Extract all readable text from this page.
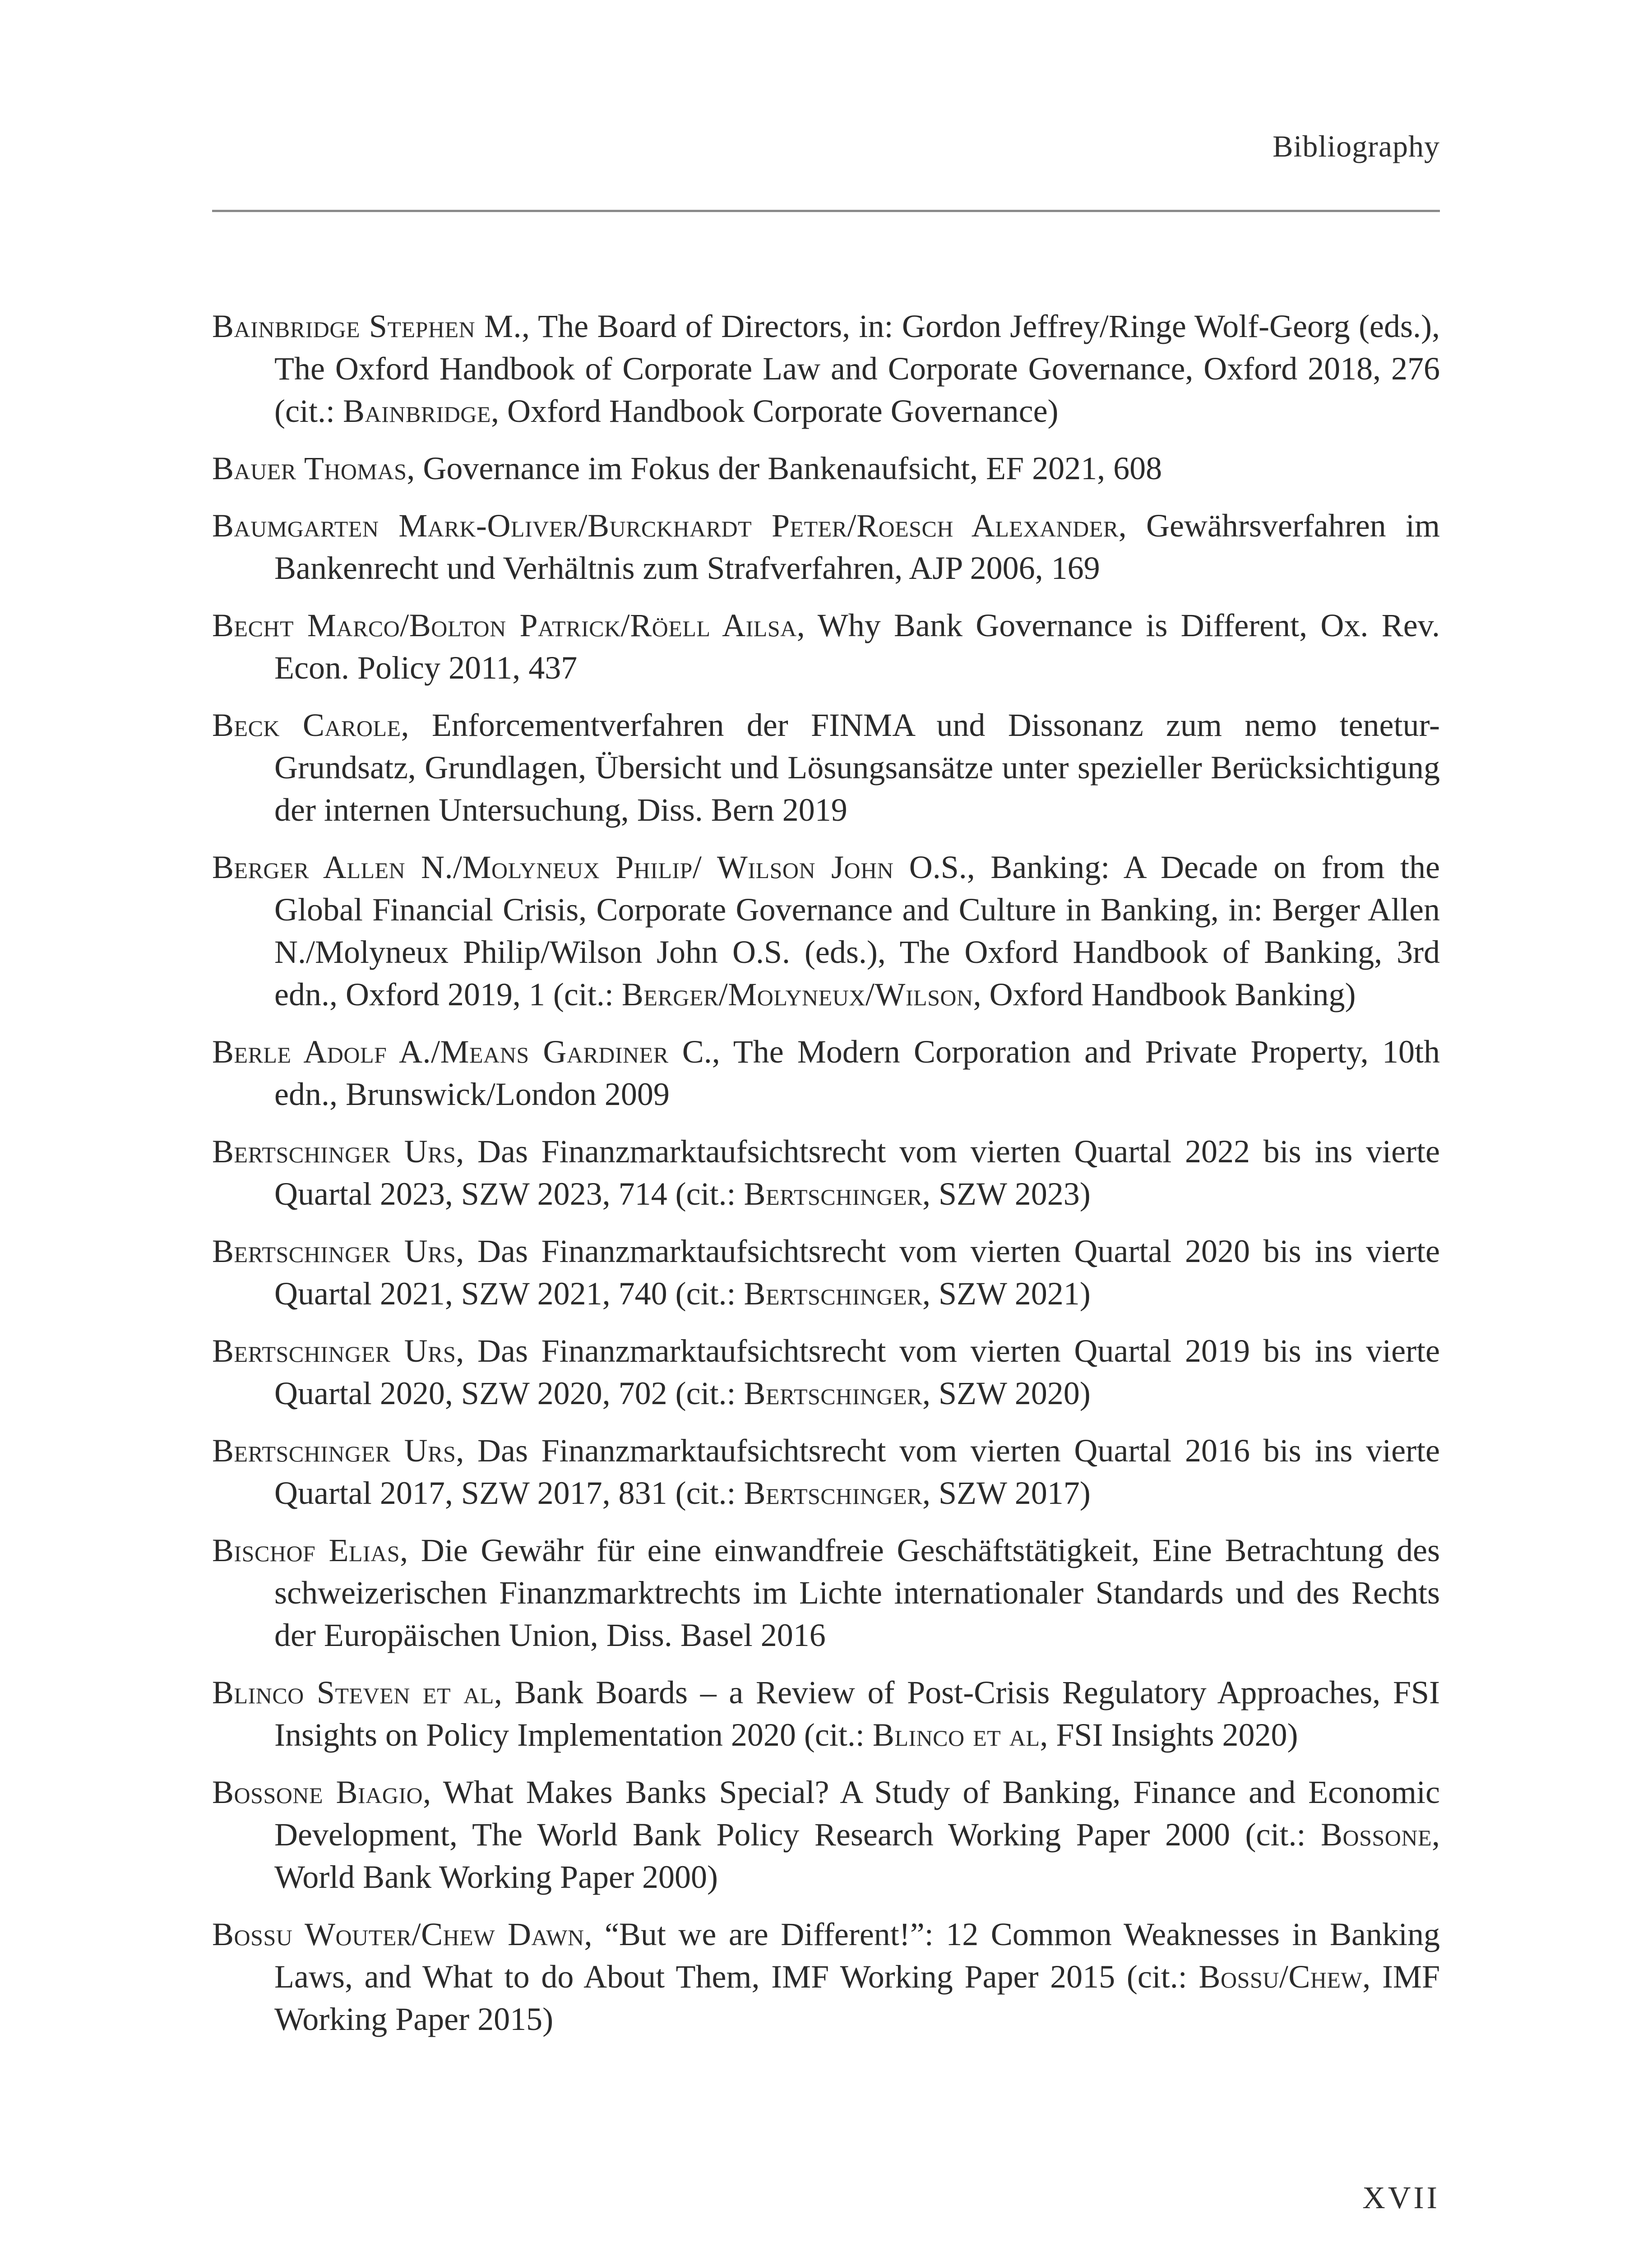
Bibliography
Bainbridge Stephen M., The Board of Directors, in: Gordon Jeffrey/Ringe Wolf-Georg (eds.), The Oxford Handbook of Corporate Law and Corporate Governance, Oxford 2018, 276 (cit.: Bainbridge, Oxford Handbook Corporate Governance)
Bauer Thomas, Governance im Fokus der Bankenaufsicht, EF 2021, 608
Baumgarten Mark-Oliver/Burckhardt Peter/Roesch Alexander, Gewährsverfahren im Bankenrecht und Verhältnis zum Strafverfahren, AJP 2006, 169
Becht Marco/Bolton Patrick/Röell Ailsa, Why Bank Governance is Different, Ox. Rev. Econ. Policy 2011, 437
Beck Carole, Enforcementverfahren der FINMA und Dissonanz zum nemo tenetur-Grundsatz, Grundlagen, Übersicht und Lösungsansätze unter spezieller Berücksichtigung der internen Untersuchung, Diss. Bern 2019
Berger Allen N./Molyneux Philip/ Wilson John O.S., Banking: A Decade on from the Global Financial Crisis, Corporate Governance and Culture in Banking, in: Berger Allen N./Molyneux Philip/Wilson John O.S. (eds.), The Oxford Handbook of Banking, 3rd edn., Oxford 2019, 1 (cit.: Berger/Molyneux/Wilson, Oxford Handbook Banking)
Berle Adolf A./Means Gardiner C., The Modern Corporation and Private Property, 10th edn., Brunswick/London 2009
Bertschinger Urs, Das Finanzmarktaufsichtsrecht vom vierten Quartal 2022 bis ins vierte Quartal 2023, SZW 2023, 714 (cit.: Bertschinger, SZW 2023)
Bertschinger Urs, Das Finanzmarktaufsichtsrecht vom vierten Quartal 2020 bis ins vierte Quartal 2021, SZW 2021, 740 (cit.: Bertschinger, SZW 2021)
Bertschinger Urs, Das Finanzmarktaufsichtsrecht vom vierten Quartal 2019 bis ins vierte Quartal 2020, SZW 2020, 702 (cit.: Bertschinger, SZW 2020)
Bertschinger Urs, Das Finanzmarktaufsichtsrecht vom vierten Quartal 2016 bis ins vierte Quartal 2017, SZW 2017, 831 (cit.: Bertschinger, SZW 2017)
Bischof Elias, Die Gewähr für eine einwandfreie Geschäftstätigkeit, Eine Betrachtung des schweizerischen Finanzmarktrechts im Lichte internationaler Standards und des Rechts der Europäischen Union, Diss. Basel 2016
Blinco Steven et al, Bank Boards – a Review of Post-Crisis Regulatory Approaches, FSI Insights on Policy Implementation 2020 (cit.: Blinco et al, FSI Insights 2020)
Bossone Biagio, What Makes Banks Special? A Study of Banking, Finance and Economic Development, The World Bank Policy Research Working Paper 2000 (cit.: Bossone, World Bank Working Paper 2000)
Bossu Wouter/Chew Dawn, “But we are Different!”: 12 Common Weaknesses in Banking Laws, and What to do About Them, IMF Working Paper 2015 (cit.: Bossu/Chew, IMF Working Paper 2015)
XVII
